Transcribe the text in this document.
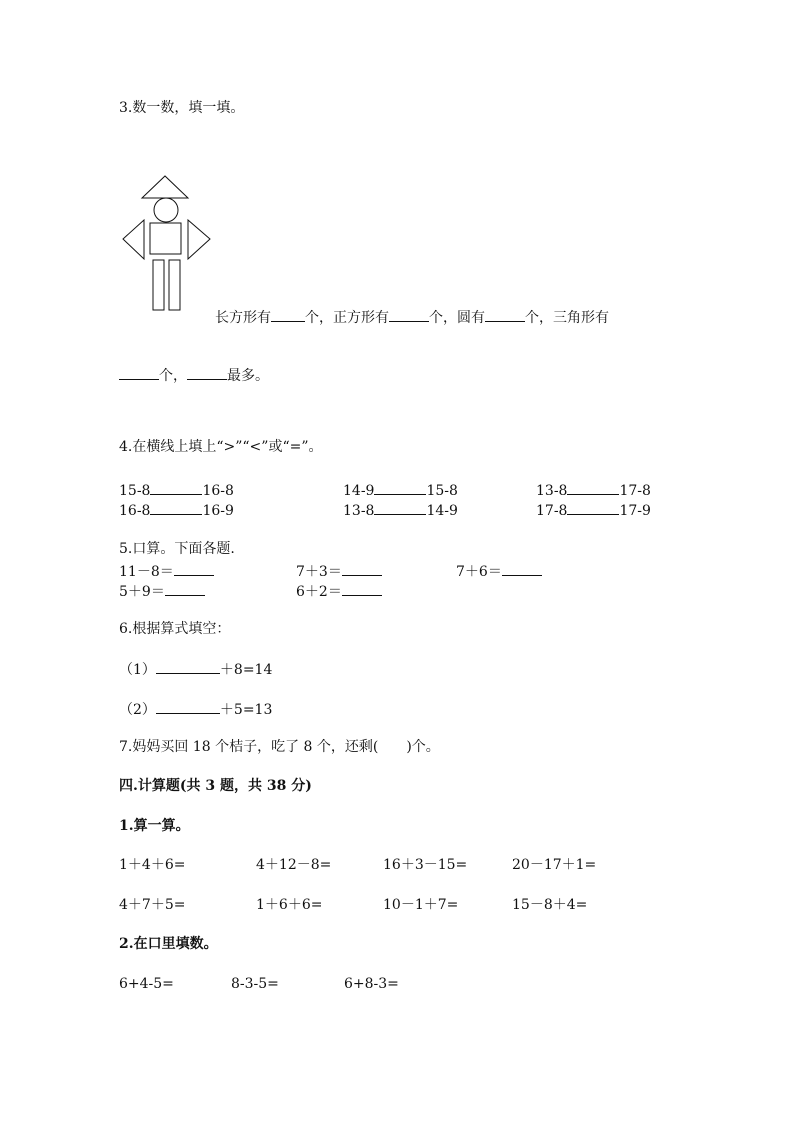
3.数一数，填一填。
长方形有 个，正方形有	个，圆有	个，三角形有
个，	最多。
4.在横线上填上“>”“<”或“=”。
15-8	16-8	14-9	15-8	13-8	17-8
16-8	16-9	13-8	14-9	17-8	17-9
5.口算。下面各题.
11－8＝	7＋3＝	7＋6＝
5＋9＝	6＋2＝
6.根据算式填空：
（1）	＋8=14
（2）	＋5=13
7.妈妈买回 18 个桔子，吃了 8 个，还剩( )个。
四.计算题(共 3 题，共 38 分)
1.算一算。
1＋4＋6=	4＋12－8=	16＋3－15=	20－17＋1=
4＋7＋5=	1＋6＋6=	10－1＋7=	15－8＋4=
2.在口里填数。
6+4-5=	8-3-5=	6+8-3=
